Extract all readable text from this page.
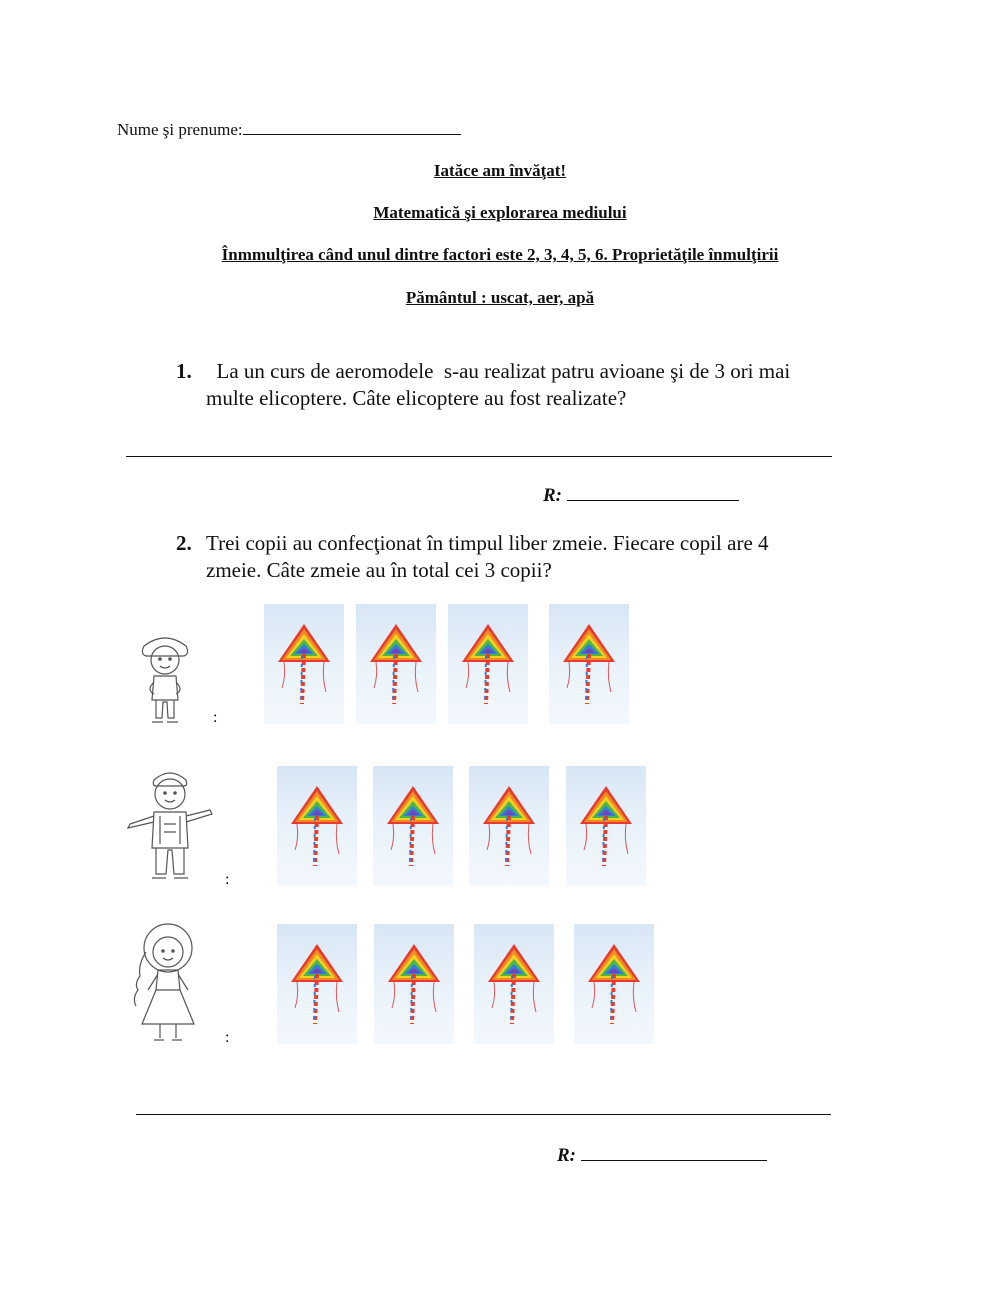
Nume şi prenume:
Iatăce am învăţat!
Matematică şi explorarea mediului
Înmmulţirea când unul dintre factori este 2, 3, 4, 5, 6. Proprietăţile înmulţirii
Pământul : uscat, aer, apă
1.  La un curs de aeromodele  s-au realizat patru avioane şi de 3 ori mai
multe elicoptere. Câte elicoptere au fost realizate?
R:
2. Trei copii au confecţionat în timpul liber zmeie. Fiecare copil are 4
zmeie. Câte zmeie au în total cei 3 copii?
:
:
:
R:
